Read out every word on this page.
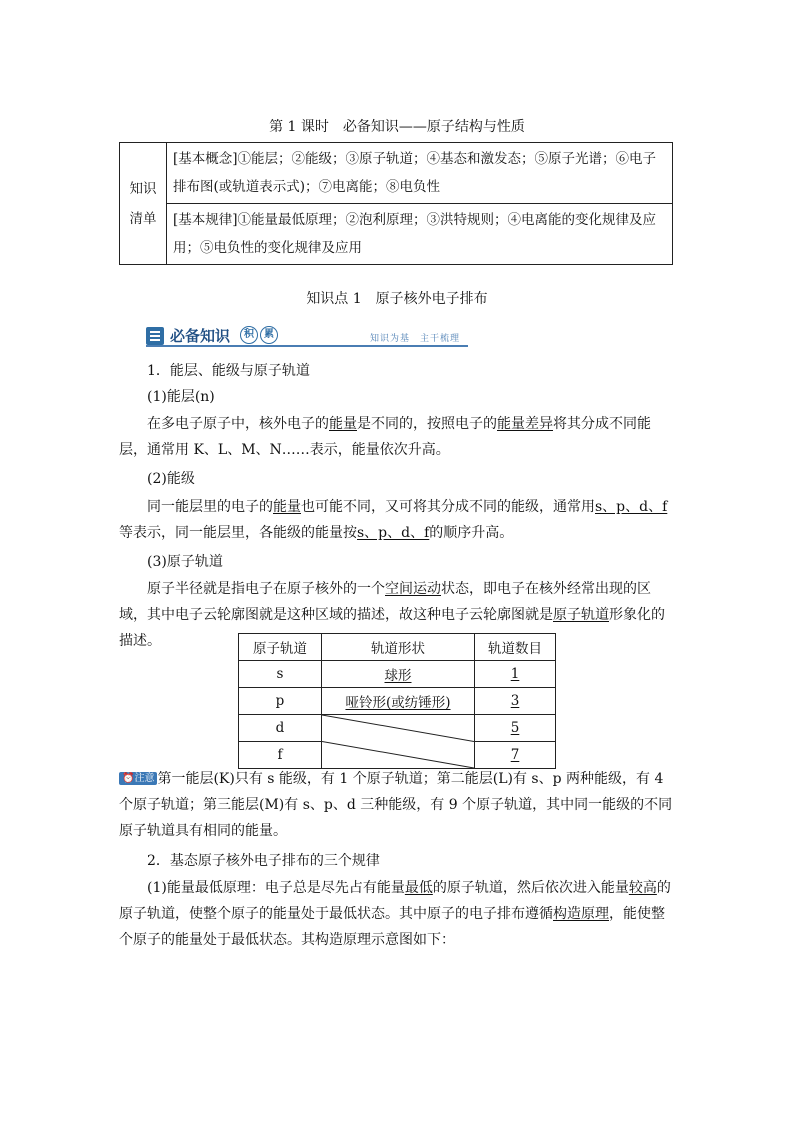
第 1 课时　必备知识——原子结构与性质
知识清单	[基本概念]①能层；②能级；③原子轨道；④基态和激发态；⑤原子光谱；⑥电子排布图(或轨道表示式)；⑦电离能；⑧电负性
[基本规律]①能量最低原理；②泡利原理；③洪特规则；④电离能的变化规律及应用；⑤电负性的变化规律及应用
知识点 1　原子核外电子排布
必备知识	积	累	知识为基　主干梳理
1．能层、能级与原子轨道
(1)能层(n)
在多电子原子中，核外电子的能量是不同的，按照电子的能量差异将其分成不同能层，通常用 K、L、M、N……表示，能量依次升高。
(2)能级
同一能层里的电子的能量也可能不同，又可将其分成不同的能级，通常用s、p、d、f等表示，同一能层里，各能级的能量按s、p、d、f的顺序升高。
(3)原子轨道
原子半径就是指电子在原子核外的一个空间运动状态，即电子在核外经常出现的区域，其中电子云轮廓图就是这种区域的描述，故这种电子云轮廓图就是原子轨道形象化的描述。	原子轨道	轨道形状	轨道数目
s	球形	1
p	哑铃形(或纺锤形)	3
d		5
f		7
⏰注意 第一能层(K)只有 s 能级，有 1 个原子轨道；第二能层(L)有 s、p 两种能级，有 4 个原子轨道；第三能层(M)有 s、p、d 三种能级，有 9 个原子轨道，其中同一能级的不同原子轨道具有相同的能量。
2．基态原子核外电子排布的三个规律
(1)能量最低原理：电子总是尽先占有能量最低的原子轨道，然后依次进入能量较高的原子轨道，使整个原子的能量处于最低状态。其中原子的电子排布遵循构造原理，能使整个原子的能量处于最低状态。其构造原理示意图如下：
